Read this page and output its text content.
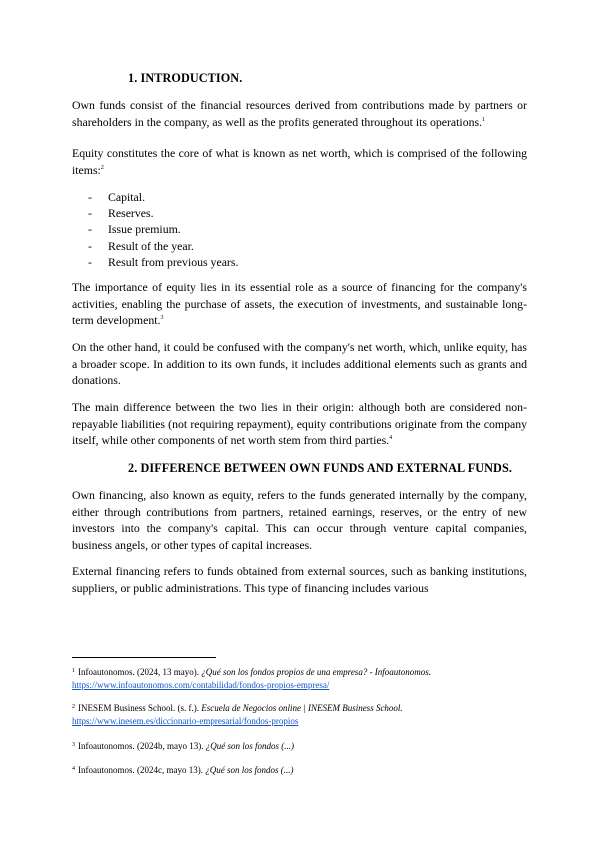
1. INTRODUCTION.

Own funds consist of the financial resources derived from contributions made by partners or shareholders in the company, as well as the profits generated throughout its operations.$^1$

Equity constitutes the core of what is known as net worth, which is comprised of the following items:$^2$

- Capital.
- Reserves.
- Issue premium.
- Result of the year.
- Result from previous years.

The importance of equity lies in its essential role as a source of financing for the company's activities, enabling the purchase of assets, the execution of investments, and sustainable long-term development.$^3$

On the other hand, it could be confused with the company's net worth, which, unlike equity, has a broader scope. In addition to its own funds, it includes additional elements such as grants and donations.

The main difference between the two lies in their origin: although both are considered non-repayable liabilities (not requiring repayment), equity contributions originate from the company itself, while other components of net worth stem from third parties.$^4$

2. DIFFERENCE BETWEEN OWN FUNDS AND EXTERNAL FUNDS.

Own financing, also known as equity, refers to the funds generated internally by the company, either through contributions from partners, retained earnings, reserves, or the entry of new investors into the company's capital. This can occur through venture capital companies, business angels, or other types of capital increases.

External financing refers to funds obtained from external sources, such as banking institutions, suppliers, or public administrations. This type of financing includes various

$^1$ Infoautonomos. (2024, 13 mayo). ¿Qué son los fondos propios de una empresa? - Infoautonomos.
https://www.infoautonomos.com/contabilidad/fondos-propios-empresa/
$^2$ INESEM Business School. (s. f.). Escuela de Negocios online | INESEM Business School.
https://www.inesem.es/diccionario-empresarial/fondos-propios
$^3$ Infoautonomos. (2024b, mayo 13). ¿Qué son los fondos (...)
$^4$ Infoautonomos. (2024c, mayo 13). ¿Qué son los fondos (...)
